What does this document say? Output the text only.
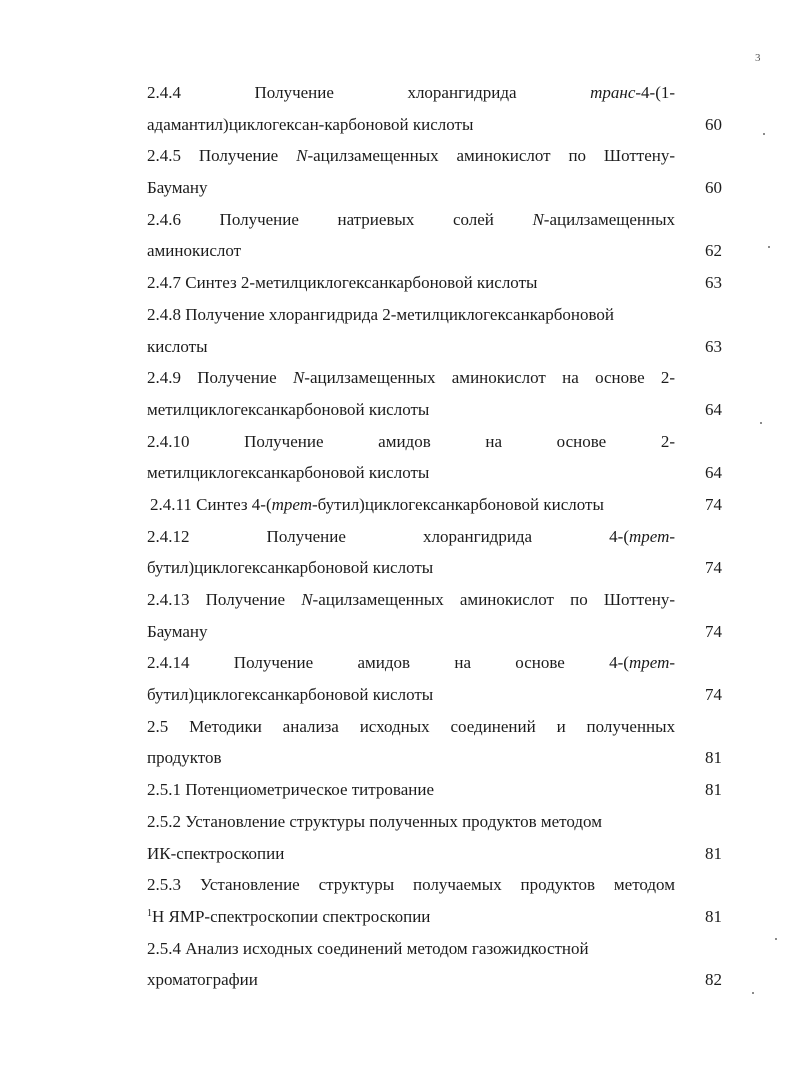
3
2.4.4	Получение	хлорангидрида	транс-4-(1-
адамантил)циклогексан-карбоновой кислоты	60
2.4.5 Получение N-ацилзамещенных аминокислот по Шоттену-
Бауману	60
2.4.6 Получение натриевых солей N-ацилзамещенных
аминокислот	62
2.4.7 Синтез 2-метилциклогексанкарбоновой кислоты	63
2.4.8 Получение хлорангидрида 2-метилциклогексанкарбоновой
кислоты	63
2.4.9 Получение N-ацилзамещенных аминокислот на основе 2-
метилциклогексанкарбоновой кислоты	64
2.4.10	Получение	амидов	на	основе	2-
метилциклогексанкарбоновой кислоты	64
2.4.11 Синтез 4-(трет-бутил)циклогексанкарбоновой кислоты	74
2.4.12	Получение	хлорангидрида	4-(трет-
бутил)циклогексанкарбоновой кислоты	74
2.4.13 Получение N-ацилзамещенных аминокислот по Шоттену-
Бауману	74
2.4.14	Получение	амидов	на	основе	4-(трет-
бутил)циклогексанкарбоновой кислоты	74
2.5 Методики анализа исходных соединений и полученных
продуктов	81
2.5.1 Потенциометрическое титрование	81
2.5.2 Установление структуры полученных продуктов методом
ИК-спектроскопии	81
2.5.3 Установление структуры получаемых продуктов методом
$^1$Н ЯМР-спектроскопии спектроскопии	81
2.5.4 Анализ исходных соединений методом газожидкостной
хроматографии	82
